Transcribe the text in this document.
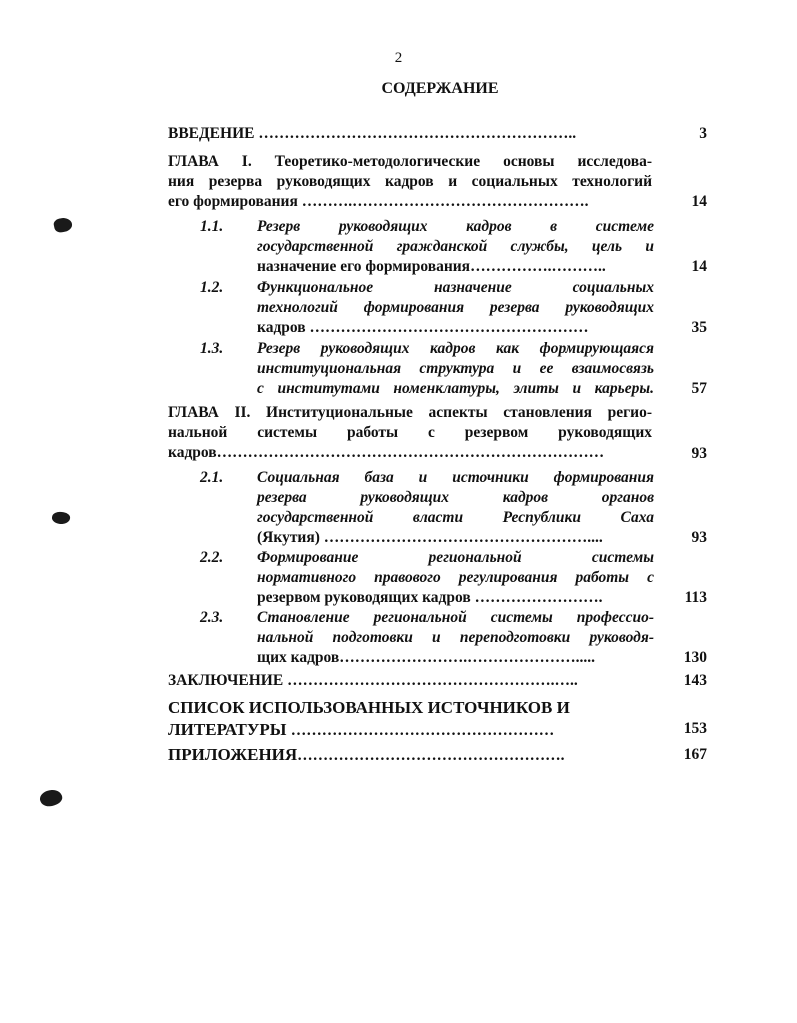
2
СОДЕРЖАНИЕ
ВВЕДЕНИЕ ……………………………………………………..	3
ГЛАВА I. Теоретико-методологические основы исследова-
ния резерва руководящих кадров и социальных технологий
его формирования ……….……………………………………….	14
1.1. Резерв руководящих кадров в системе
государственной гражданской службы, цель и
назначение его формирования…………….………..	14
1.2. Функциональное назначение социальных
технологий формирования резерва руководящих
кадров ………………………………………………	35
1.3. Резерв руководящих кадров как формирующаяся
институциональная структура и ее взаимосвязь
с институтами номенклатуры, элиты и карьеры.	57
ГЛАВА II. Институциональные аспекты становления регио-
нальной системы работы с резервом руководящих
кадров…………………………………………………………………	93
2.1. Социальная база и источники формирования
резерва руководящих кадров органов
государственной власти Республики Саха
(Якутия) ……………………………………………....	93
2.2. Формирование региональной системы
нормативного правового регулирования работы с
резервом руководящих кадров …………………….	113
2.3. Становление региональной системы профессио-
нальной подготовки и переподготовки руководя-
щих кадров…………………….………………….....	130
ЗАКЛЮЧЕНИЕ …………………………………………….…..	143
СПИСОК ИСПОЛЬЗОВАННЫХ ИСТОЧНИКОВ И
ЛИТЕРАТУРЫ ……………………………………………	153
ПРИЛОЖЕНИЯ…………………………………………….	167
